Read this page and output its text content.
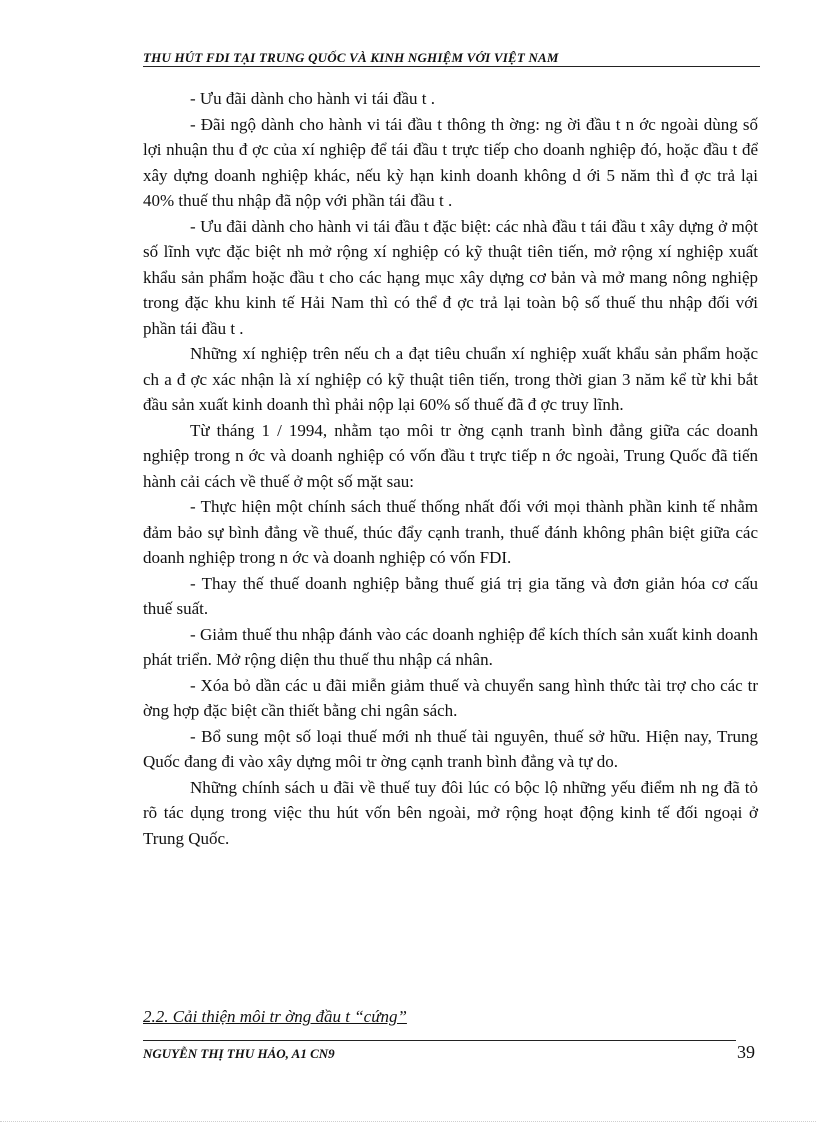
THU HÚT FDI TẠI TRUNG QUỐC VÀ KINH NGHIỆM VỚI VIỆT NAM

- Ưu đãi dành cho hành vi tái đầu t .

- Đãi ngộ dành cho hành vi tái đầu t thông th ờng: ng ời đầu t n ớc ngoài dùng số lợi nhuận thu đ ợc của xí nghiệp để tái đầu t trực tiếp cho doanh nghiệp đó, hoặc đầu t để xây dựng doanh nghiệp khác, nếu kỳ hạn kinh doanh không d ới 5 năm thì đ ợc trả lại 40% thuế thu nhập đã nộp với phần tái đầu t .

- Ưu đãi dành cho hành vi tái đầu t đặc biệt: các nhà đầu t tái đầu t xây dựng ở một số lĩnh vực đặc biệt nh mở rộng xí nghiệp có kỹ thuật tiên tiến, mở rộng xí nghiệp xuất khẩu sản phẩm hoặc đầu t cho các hạng mục xây dựng cơ bản và mở mang nông nghiệp trong đặc khu kinh tế Hải Nam thì có thể đ ợc trả lại toàn bộ số thuế thu nhập đối với phần tái đầu t .

Những xí nghiệp trên nếu ch a đạt tiêu chuẩn xí nghiệp xuất khẩu sản phẩm hoặc ch a đ ợc xác nhận là xí nghiệp có kỹ thuật tiên tiến, trong thời gian 3 năm kể từ khi bắt đầu sản xuất kinh doanh thì phải nộp lại 60% số thuế đã đ ợc truy lĩnh.

Từ tháng 1 / 1994, nhằm tạo môi tr ờng cạnh tranh bình đẳng giữa các doanh nghiệp trong n ớc và doanh nghiệp có vốn đầu t trực tiếp n ớc ngoài, Trung Quốc đã tiến hành cải cách về thuế ở một số mặt sau:

- Thực hiện một chính sách thuế thống nhất đối với mọi thành phần kinh tế nhằm đảm bảo sự bình đẳng về thuế, thúc đẩy cạnh tranh, thuế đánh không phân biệt giữa các doanh nghiệp trong n ớc và doanh nghiệp có vốn FDI.

- Thay thế thuế doanh nghiệp bằng thuế giá trị gia tăng và đơn giản hóa cơ cấu thuế suất.

- Giảm thuế thu nhập đánh vào các doanh nghiệp để kích thích sản xuất kinh doanh phát triển. Mở rộng diện thu thuế thu nhập cá nhân.

- Xóa bỏ dần các u đãi miễn giảm thuế và chuyển sang hình thức tài trợ cho các tr ờng hợp đặc biệt cần thiết bằng chi ngân sách.

- Bổ sung một số loại thuế mới nh thuế tài nguyên, thuế sở hữu. Hiện nay, Trung Quốc đang đi vào xây dựng môi tr ờng cạnh tranh bình đẳng và tự do.

Những chính sách u đãi về thuế tuy đôi lúc có bộc lộ những yếu điểm nh ng đã tỏ rõ tác dụng trong việc thu hút vốn bên ngoài, mở rộng hoạt động kinh tế đối ngoại ở Trung Quốc.

2.2. Cải thiện môi tr ờng đầu t “cứng”
NGUYỄN THỊ THU HẢO, A1 CN9	39
